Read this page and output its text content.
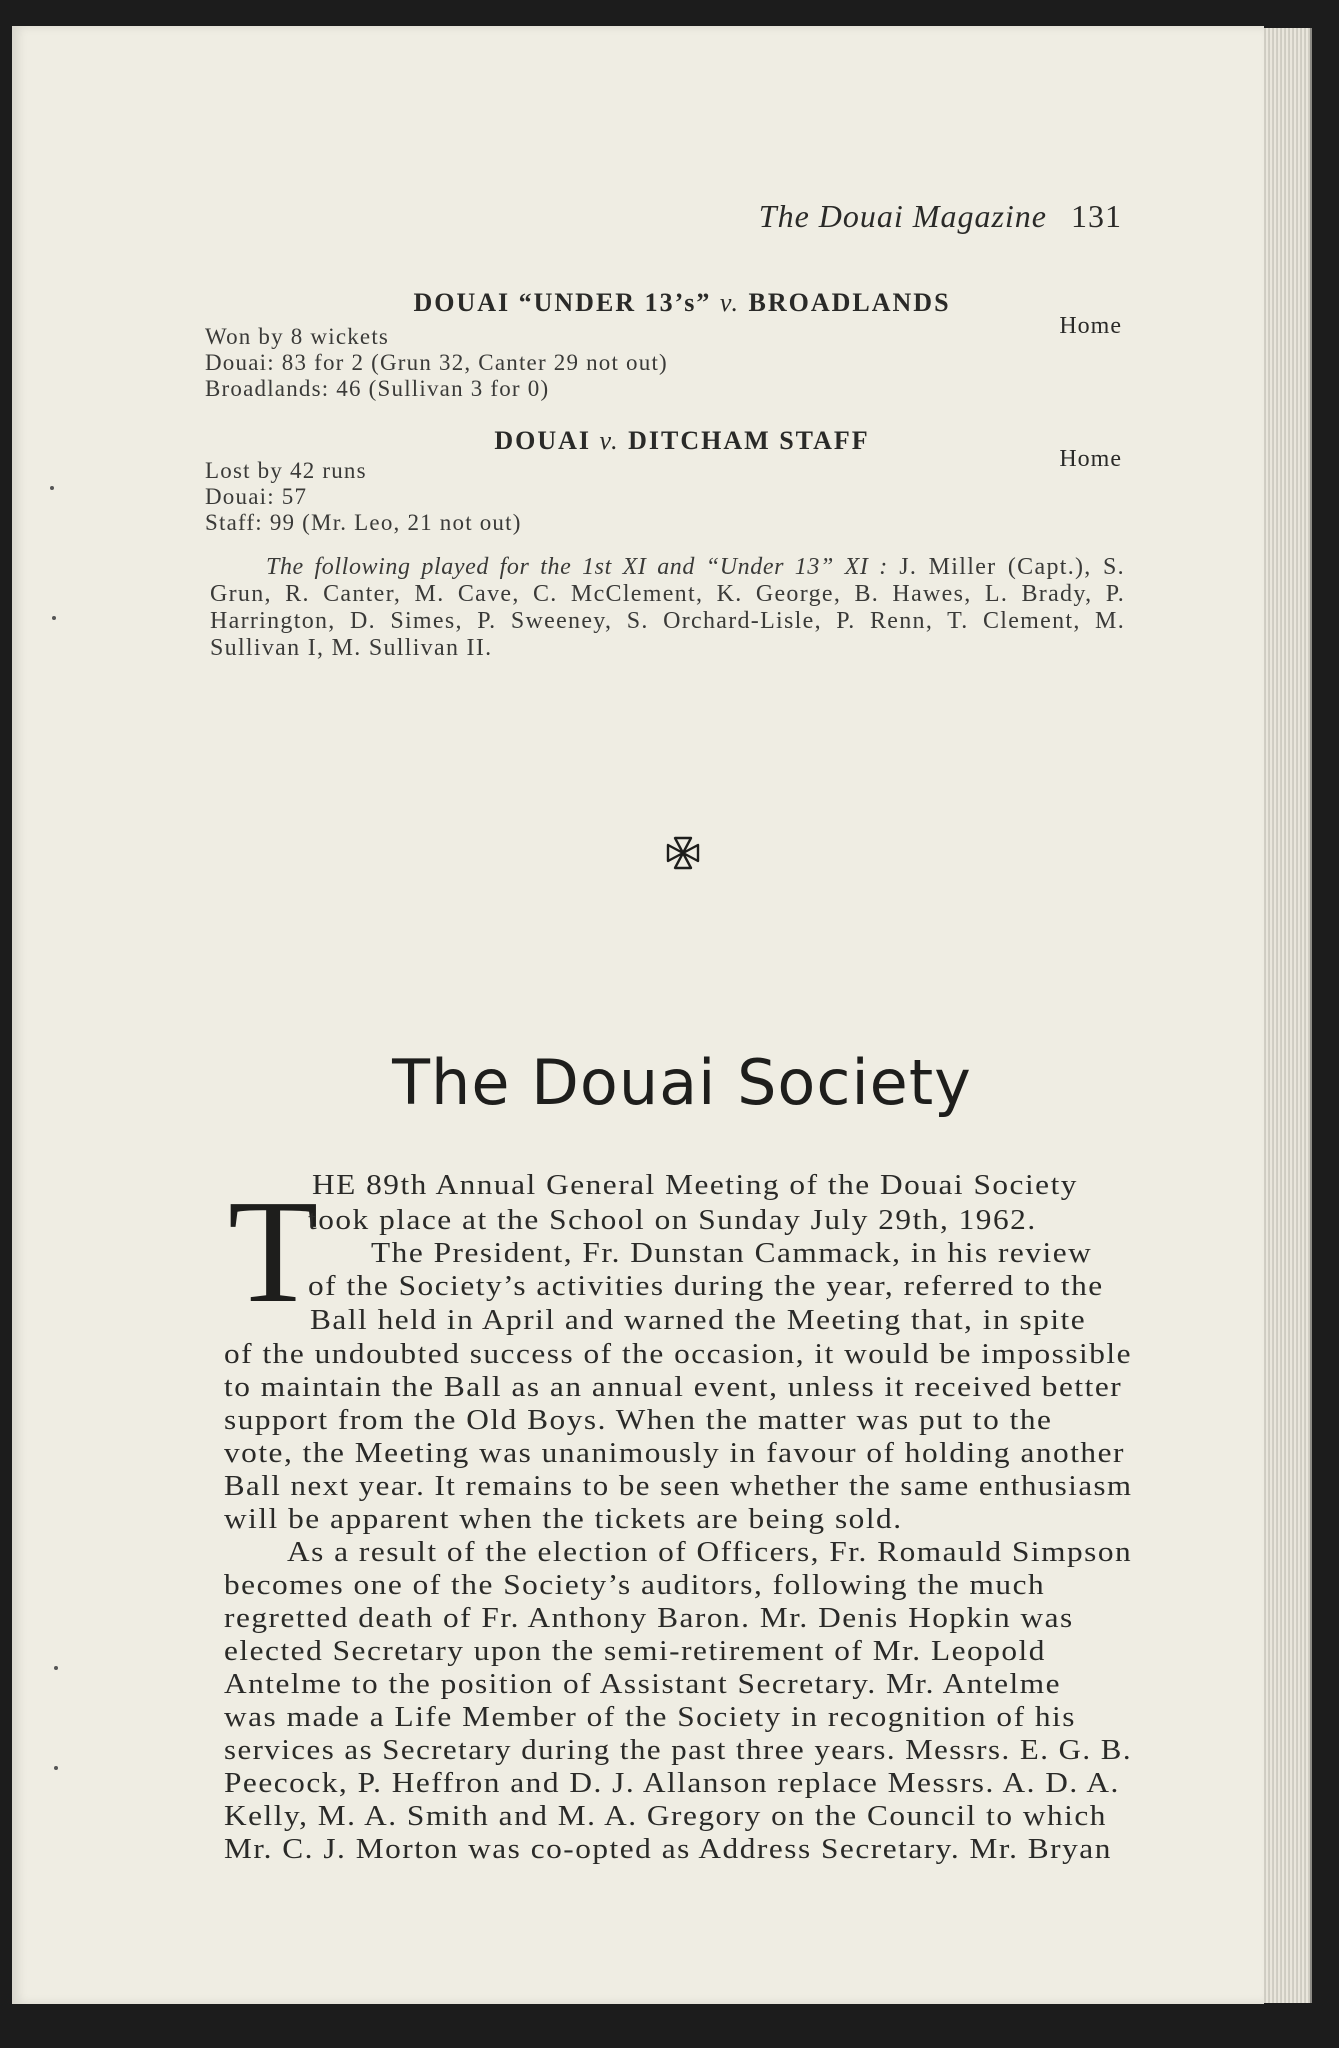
The Douai Magazine 131
DOUAI “UNDER 13’s” v. BROADLANDS
Home
Won by 8 wickets
Douai: 83 for 2 (Grun 32, Canter 29 not out)
Broadlands: 46 (Sullivan 3 for 0)
DOUAI v. DITCHAM STAFF
Home
Lost by 42 runs
Douai: 57
Staff: 99 (Mr. Leo, 21 not out)
The following played for the 1st XI and “Under 13” XI : J. Miller (Capt.), S. Grun, R. Canter, M. Cave, C. McClement, K. George, B. Hawes, L. Brady, P. Harrington, D. Simes, P. Sweeney, S. Orchard-Lisle, P. Renn, T. Clement, M. Sullivan I, M. Sullivan II.
The Douai Society
T
HE 89th Annual General Meeting of the Douai Society
took place at the School on Sunday July 29th, 1962.
The President, Fr. Dunstan Cammack, in his review
of the Society’s activities during the year, referred to the
Ball held in April and warned the Meeting that, in spite
of the undoubted success of the occasion, it would be impossible
to maintain the Ball as an annual event, unless it received better
support from the Old Boys. When the matter was put to the
vote, the Meeting was unanimously in favour of holding another
Ball next year. It remains to be seen whether the same enthusiasm
will be apparent when the tickets are being sold.
As a result of the election of Officers, Fr. Romauld Simpson
becomes one of the Society’s auditors, following the much
regretted death of Fr. Anthony Baron. Mr. Denis Hopkin was
elected Secretary upon the semi-retirement of Mr. Leopold
Antelme to the position of Assistant Secretary. Mr. Antelme
was made a Life Member of the Society in recognition of his
services as Secretary during the past three years. Messrs. E. G. B.
Peecock, P. Heffron and D. J. Allanson replace Messrs. A. D. A.
Kelly, M. A. Smith and M. A. Gregory on the Council to which
Mr. C. J. Morton was co-opted as Address Secretary. Mr. Bryan
